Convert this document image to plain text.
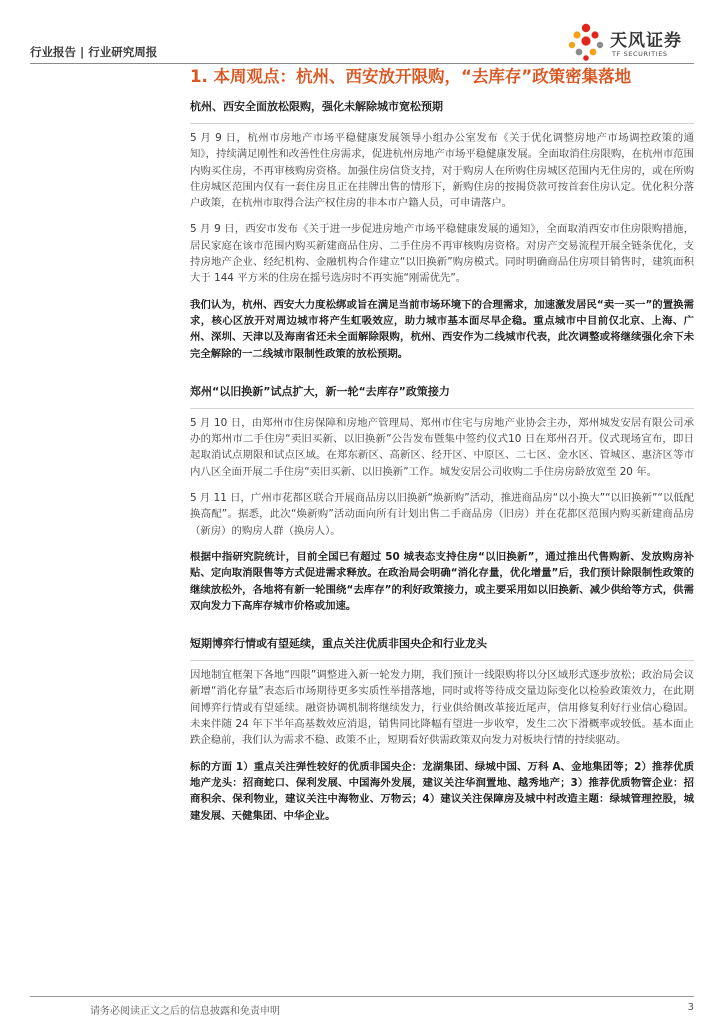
行业报告 | 行业研究周报
天风证券
TF SECURITIES
1. 本周观点：杭州、西安放开限购，“去库存”政策密集落地
杭州、西安全面放松限购，强化未解除城市宽松预期

5 月 9 日，杭州市房地产市场平稳健康发展领导小组办公室发布《关于优化调整房地产市场调控政策的通知》，持续满足刚性和改善性住房需求，促进杭州房地产市场平稳健康发展。全面取消住房限购，在杭州市范围内购买住房，不再审核购房资格。加强住房信贷支持，对于购房人在所购住房城区范围内无住房的，或在所购住房城区范围内仅有一套住房且正在挂牌出售的情形下，新购住房的按揭贷款可按首套住房认定。优化积分落户政策，在杭州市取得合法产权住房的非本市户籍人员，可申请落户。

5 月 9 日，西安市发布《关于进一步促进房地产市场平稳健康发展的通知》，全面取消西安市住房限购措施，居民家庭在该市范围内购买新建商品住房、二手住房不再审核购房资格。对房产交易流程开展全链条优化，支持房地产企业、经纪机构、金融机构合作建立“以旧换新”购房模式。同时明确商品住房项目销售时，建筑面积大于 144 平方米的住房在摇号选房时不再实施“刚需优先”。

我们认为，杭州、西安大力度松绑或旨在满足当前市场环境下的合理需求，加速激发居民“卖一买一”的置换需求，核心区放开对周边城市将产生虹吸效应，助力城市基本面尽早企稳。重点城市中目前仅北京、上海、广州、深圳、天津以及海南省还未全面解除限购，杭州、西安作为二线城市代表，此次调整或将继续强化余下未完全解除的一二线城市限制性政策的放松预期。

郑州“以旧换新”试点扩大，新一轮“去库存”政策接力

5 月 10 日，由郑州市住房保障和房地产管理局、郑州市住宅与房地产业协会主办，郑州城发安居有限公司承办的郑州市二手住房“卖旧买新、以旧换新”公告发布暨集中签约仪式10 日在郑州召开。仪式现场宣布，即日起取消试点期限和试点区域。在郑东新区、高新区、经开区、中原区、二七区、金水区、管城区、惠济区等市内八区全面开展二手住房“卖旧买新、以旧换新”工作。城发安居公司收购二手住房房龄放宽至 20 年。

5 月 11 日，广州市花都区联合开展商品房以旧换新“焕新购”活动，推进商品房“以小换大”“以旧换新”“以低配换高配”。据悉，此次“焕新购”活动面向所有计划出售二手商品房（旧房）并在花都区范围内购买新建商品房（新房）的购房人群（换房人）。

根据中指研究院统计，目前全国已有超过 50 城表态支持住房“以旧换新”，通过推出代售购新、发放购房补贴、定向取消限售等方式促进需求释放。在政治局会明确“消化存量，优化增量”后，我们预计除限制性政策的继续放松外，各地将有新一轮围绕“去库存”的利好政策接力，或主要采用如以旧换新、减少供给等方式，供需双向发力下高库存城市价格或加速。

短期博弈行情或有望延续，重点关注优质非国央企和行业龙头

因地制宜框架下各地“四限”调整进入新一轮发力期，我们预计一线限购将以分区域形式逐步放松；政治局会议新增“消化存量”表态后市场期待更多实质性举措落地，同时或将等待成交量边际变化以检验政策效力，在此期间博弈行情或有望延续。融资协调机制将继续发力，行业供给侧改革接近尾声，信用修复利好行业信心稳固。未来伴随 24 年下半年高基数效应消退，销售同比降幅有望进一步收窄，发生二次下滑概率或较低。基本面止跌企稳前，我们认为需求不稳、政策不止，短期看好供需政策双向发力对板块行情的持续驱动。

标的方面 1）重点关注弹性较好的优质非国央企：龙湖集团、绿城中国、万科 A、金地集团等；2）推荐优质地产龙头：招商蛇口、保利发展、中国海外发展，建议关注华润置地、越秀地产；3）推荐优质物管企业：招商积余、保利物业，建议关注中海物业、万物云；4）建议关注保障房及城中村改造主题：绿城管理控股，城建发展、天健集团、中华企业。

请务必阅读正文之后的信息披露和免责申明	3
